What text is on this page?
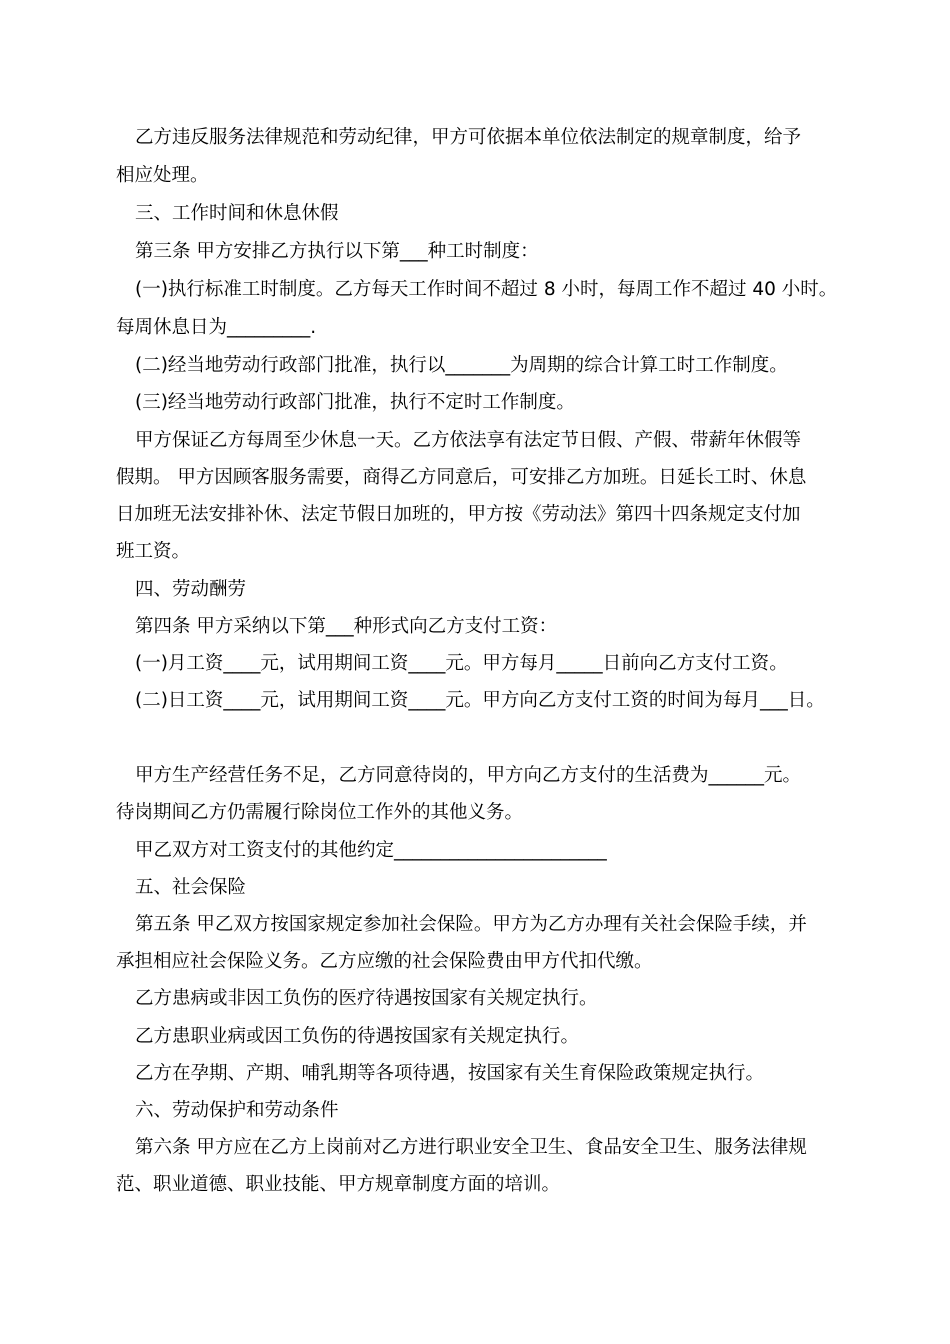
乙方违反服务法律规范和劳动纪律，甲方可依据本单位依法制定的规章制度，给予
相应处理。
三、工作时间和休息休假
第三条 甲方安排乙方执行以下第___种工时制度：
(一)执行标准工时制度。乙方每天工作时间不超过 8 小时，每周工作不超过 40 小时。
每周休息日为_________.
(二)经当地劳动行政部门批准，执行以_______为周期的综合计算工时工作制度。
(三)经当地劳动行政部门批准，执行不定时工作制度。
甲方保证乙方每周至少休息一天。乙方依法享有法定节日假、产假、带薪年休假等
假期。 甲方因顾客服务需要，商得乙方同意后，可安排乙方加班。日延长工时、休息
日加班无法安排补休、法定节假日加班的，甲方按《劳动法》第四十四条规定支付加
班工资。
四、劳动酬劳
第四条 甲方采纳以下第___种形式向乙方支付工资：
(一)月工资____元，试用期间工资____元。甲方每月_____日前向乙方支付工资。
(二)日工资____元，试用期间工资____元。甲方向乙方支付工资的时间为每月___日。
甲方生产经营任务不足，乙方同意待岗的，甲方向乙方支付的生活费为______元。
待岗期间乙方仍需履行除岗位工作外的其他义务。
甲乙双方对工资支付的其他约定_______________________
五、社会保险
第五条 甲乙双方按国家规定参加社会保险。甲方为乙方办理有关社会保险手续，并
承担相应社会保险义务。乙方应缴的社会保险费由甲方代扣代缴。
乙方患病或非因工负伤的医疗待遇按国家有关规定执行。
乙方患职业病或因工负伤的待遇按国家有关规定执行。
乙方在孕期、产期、哺乳期等各项待遇，按国家有关生育保险政策规定执行。
六、劳动保护和劳动条件
第六条 甲方应在乙方上岗前对乙方进行职业安全卫生、食品安全卫生、服务法律规
范、职业道德、职业技能、甲方规章制度方面的培训。
